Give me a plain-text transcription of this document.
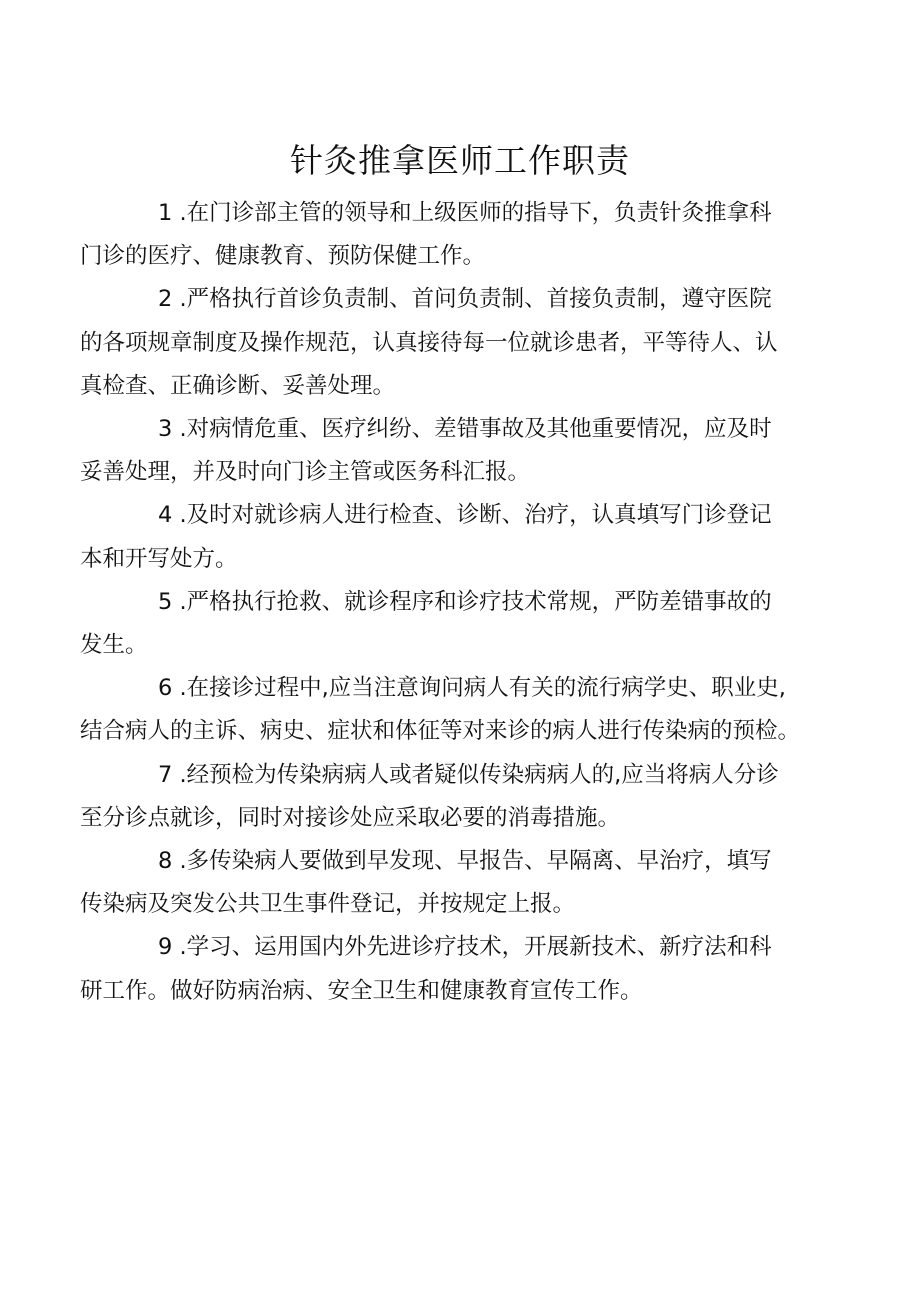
针灸推拿医师工作职责
1 .在门诊部主管的领导和上级医师的指导下，负责针灸推拿科
门诊的医疗、健康教育、预防保健工作。
2 .严格执行首诊负责制、首问负责制、首接负责制，遵守医院
的各项规章制度及操作规范，认真接待每一位就诊患者，平等待人、认
真检查、正确诊断、妥善处理。
3 .对病情危重、医疗纠纷、差错事故及其他重要情况，应及时
妥善处理，并及时向门诊主管或医务科汇报。
4 .及时对就诊病人进行检查、诊断、治疗，认真填写门诊登记
本和开写处方。
5 .严格执行抢救、就诊程序和诊疗技术常规，严防差错事故的
发生。
6 .在接诊过程中,应当注意询问病人有关的流行病学史、职业史,
结合病人的主诉、病史、症状和体征等对来诊的病人进行传染病的预检。
7 .经预检为传染病病人或者疑似传染病病人的,应当将病人分诊
至分诊点就诊，同时对接诊处应采取必要的消毒措施。
8 .多传染病人要做到早发现、早报告、早隔离、早治疗，填写
传染病及突发公共卫生事件登记，并按规定上报。
9 .学习、运用国内外先进诊疗技术，开展新技术、新疗法和科
研工作。做好防病治病、安全卫生和健康教育宣传工作。
